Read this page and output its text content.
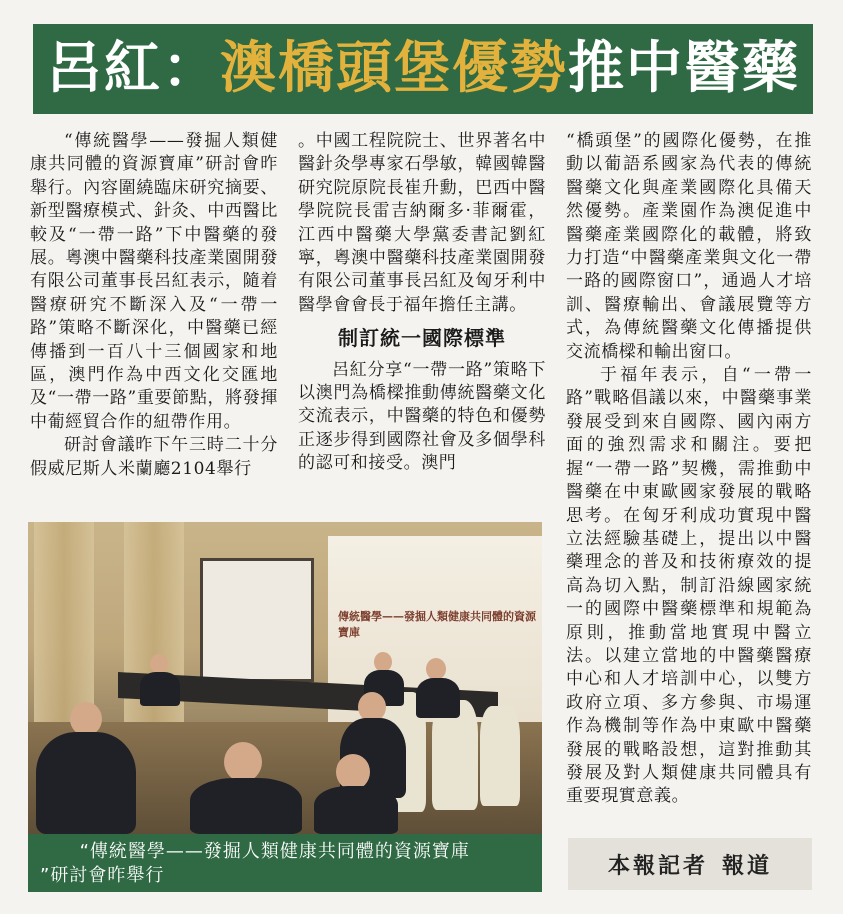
呂紅：澳橋頭堡優勢推中醫藥

“傳統醫學——發掘人類健康共同體的資源寶庫”研討會昨舉行。內容圍繞臨床研究摘要、新型醫療模式、針灸、中西醫比較及“一帶一路”下中醫藥的發展。粵澳中醫藥科技產業園開發有限公司董事長呂紅表示，隨着醫療研究不斷深入及“一帶一路”策略不斷深化，中醫藥已經傳播到一百八十三個國家和地區，澳門作為中西文化交匯地及“一帶一路”重要節點，將發揮中葡經貿合作的紐帶作用。

研討會議昨下午三時二十分假威尼斯人米蘭廳2104舉行

。中國工程院院士、世界著名中醫針灸學專家石學敏，韓國韓醫研究院原院長崔升勳，巴西中醫學院院長雷吉納爾多·菲爾霍，江西中醫藥大學黨委書記劉紅寧，粵澳中醫藥科技產業園開發有限公司董事長呂紅及匈牙利中醫學會會長于福年擔任主講。

制訂統一國際標準

呂紅分享“一帶一路”策略下以澳門為橋樑推動傳統醫藥文化交流表示，中醫藥的特色和優勢正逐步得到國際社會及多個學科的認可和接受。澳門

“橋頭堡”的國際化優勢，在推動以葡語系國家為代表的傳統醫藥文化與產業國際化具備天然優勢。產業園作為澳促進中醫藥產業國際化的載體，將致力打造“中醫藥產業與文化一帶一路的國際窗口”，通過人才培訓、醫療輸出、會議展覽等方式，為傳統醫藥文化傳播提供交流橋樑和輸出窗口。

于福年表示，自“一帶一路”戰略倡議以來，中醫藥事業發展受到來自國際、國內兩方面的強烈需求和關注。要把握“一帶一路”契機，需推動中醫藥在中東歐國家發展的戰略思考。在匈牙利成功實現中醫立法經驗基礎上，提出以中醫藥理念的普及和技術療效的提高為切入點，制訂沿線國家統一的國際中醫藥標準和規範為原則，推動當地實現中醫立法。以建立當地的中醫藥醫療中心和人才培訓中心，以雙方政府立項、多方參與、市場運作為機制等作為中東歐中醫藥發展的戰略設想，這對推動其發展及對人類健康共同體具有重要現實意義。

傳統醫學——發掘人類健康共同體的資源寶庫
“傳統醫學——發掘人類健康共同體的資源寶庫
”研討會昨舉行	本報記者 報道
